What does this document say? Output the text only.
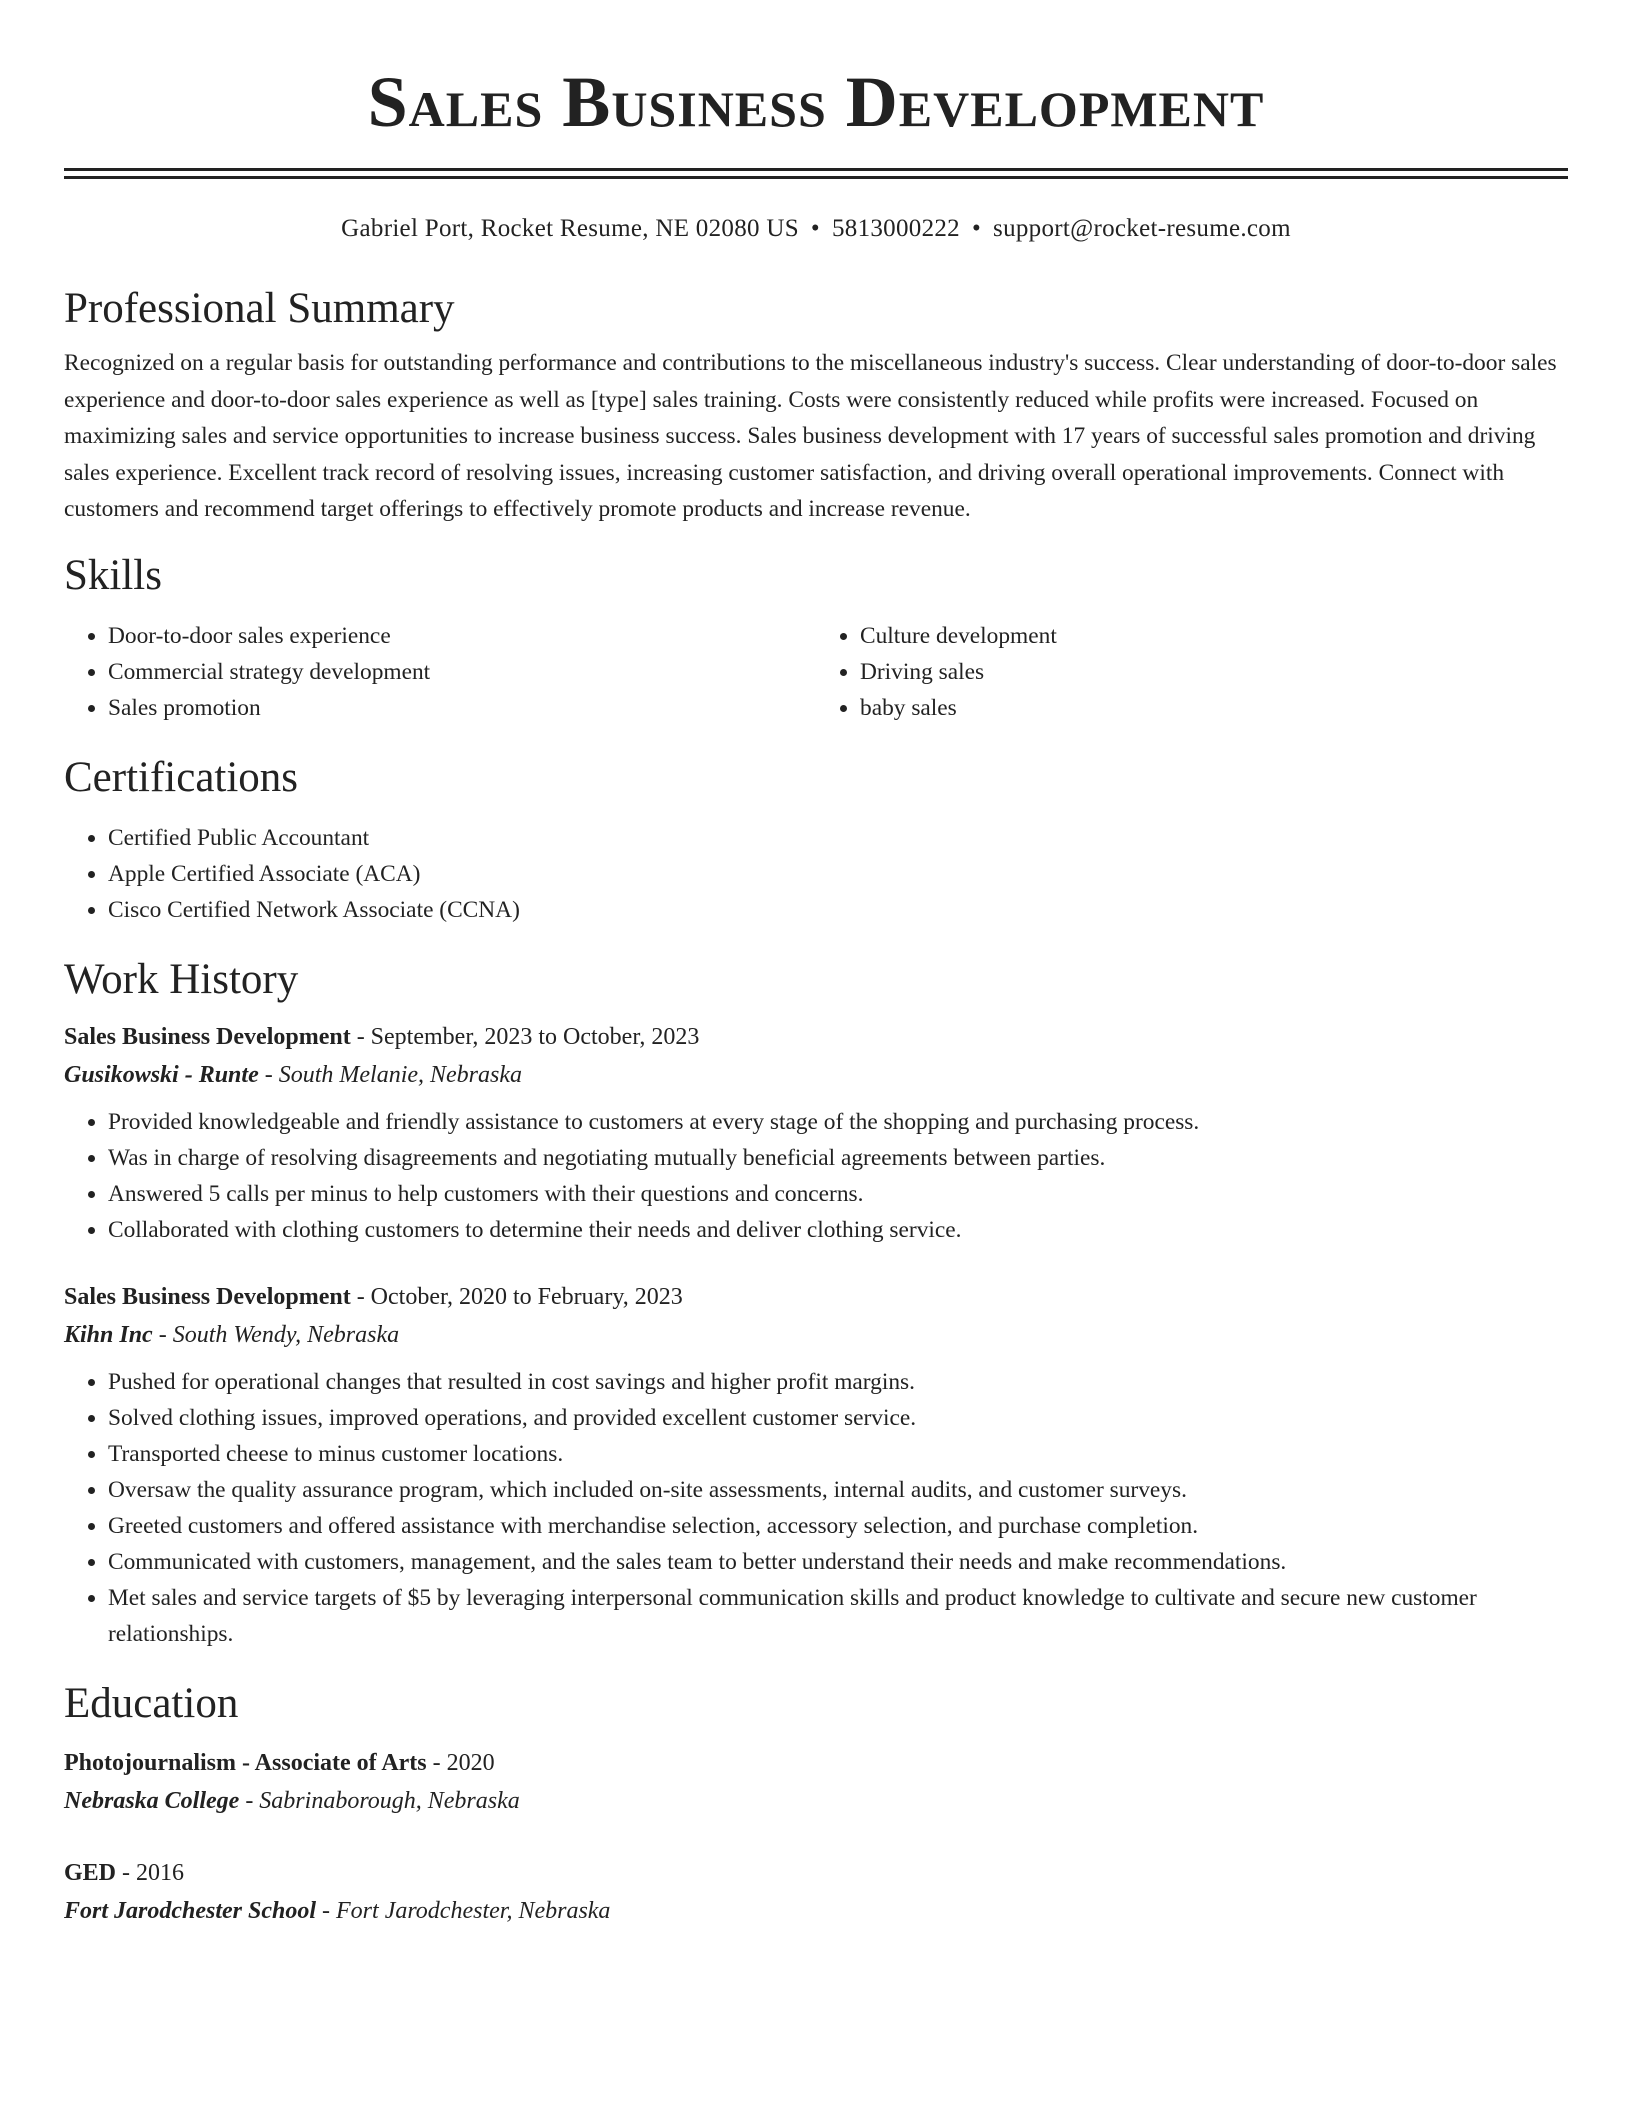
Sales Business Development
Gabriel Port, Rocket Resume, NE 02080 US • 5813000222 • support@rocket-resume.com
Professional Summary

Recognized on a regular basis for outstanding performance and contributions to the miscellaneous industry's success. Clear understanding of door-to-door sales experience and door-to-door sales experience as well as [type] sales training. Costs were consistently reduced while profits were increased. Focused on maximizing sales and service opportunities to increase business success. Sales business development with 17 years of successful sales promotion and driving sales experience. Excellent track record of resolving issues, increasing customer satisfaction, and driving overall operational improvements. Connect with customers and recommend target offerings to effectively promote products and increase revenue.

Skills
• Door-to-door sales experience
• Commercial strategy development
• Sales promotion
• Culture development
• Driving sales
• baby sales
Certifications
• Certified Public Accountant
• Apple Certified Associate (ACA)
• Cisco Certified Network Associate (CCNA)
Work History
Sales Business Development - September, 2023 to October, 2023
Gusikowski - Runte - South Melanie, Nebraska
• Provided knowledgeable and friendly assistance to customers at every stage of the shopping and purchasing process.
• Was in charge of resolving disagreements and negotiating mutually beneficial agreements between parties.
• Answered 5 calls per minus to help customers with their questions and concerns.
• Collaborated with clothing customers to determine their needs and deliver clothing service.
Sales Business Development - October, 2020 to February, 2023
Kihn Inc - South Wendy, Nebraska
• Pushed for operational changes that resulted in cost savings and higher profit margins.
• Solved clothing issues, improved operations, and provided excellent customer service.
• Transported cheese to minus customer locations.
• Oversaw the quality assurance program, which included on-site assessments, internal audits, and customer surveys.
• Greeted customers and offered assistance with merchandise selection, accessory selection, and purchase completion.
• Communicated with customers, management, and the sales team to better understand their needs and make recommendations.
• Met sales and service targets of $5 by leveraging interpersonal communication skills and product knowledge to cultivate and secure new customer relationships.
Education
Photojournalism - Associate of Arts - 2020
Nebraska College - Sabrinaborough, Nebraska
GED - 2016
Fort Jarodchester School - Fort Jarodchester, Nebraska
